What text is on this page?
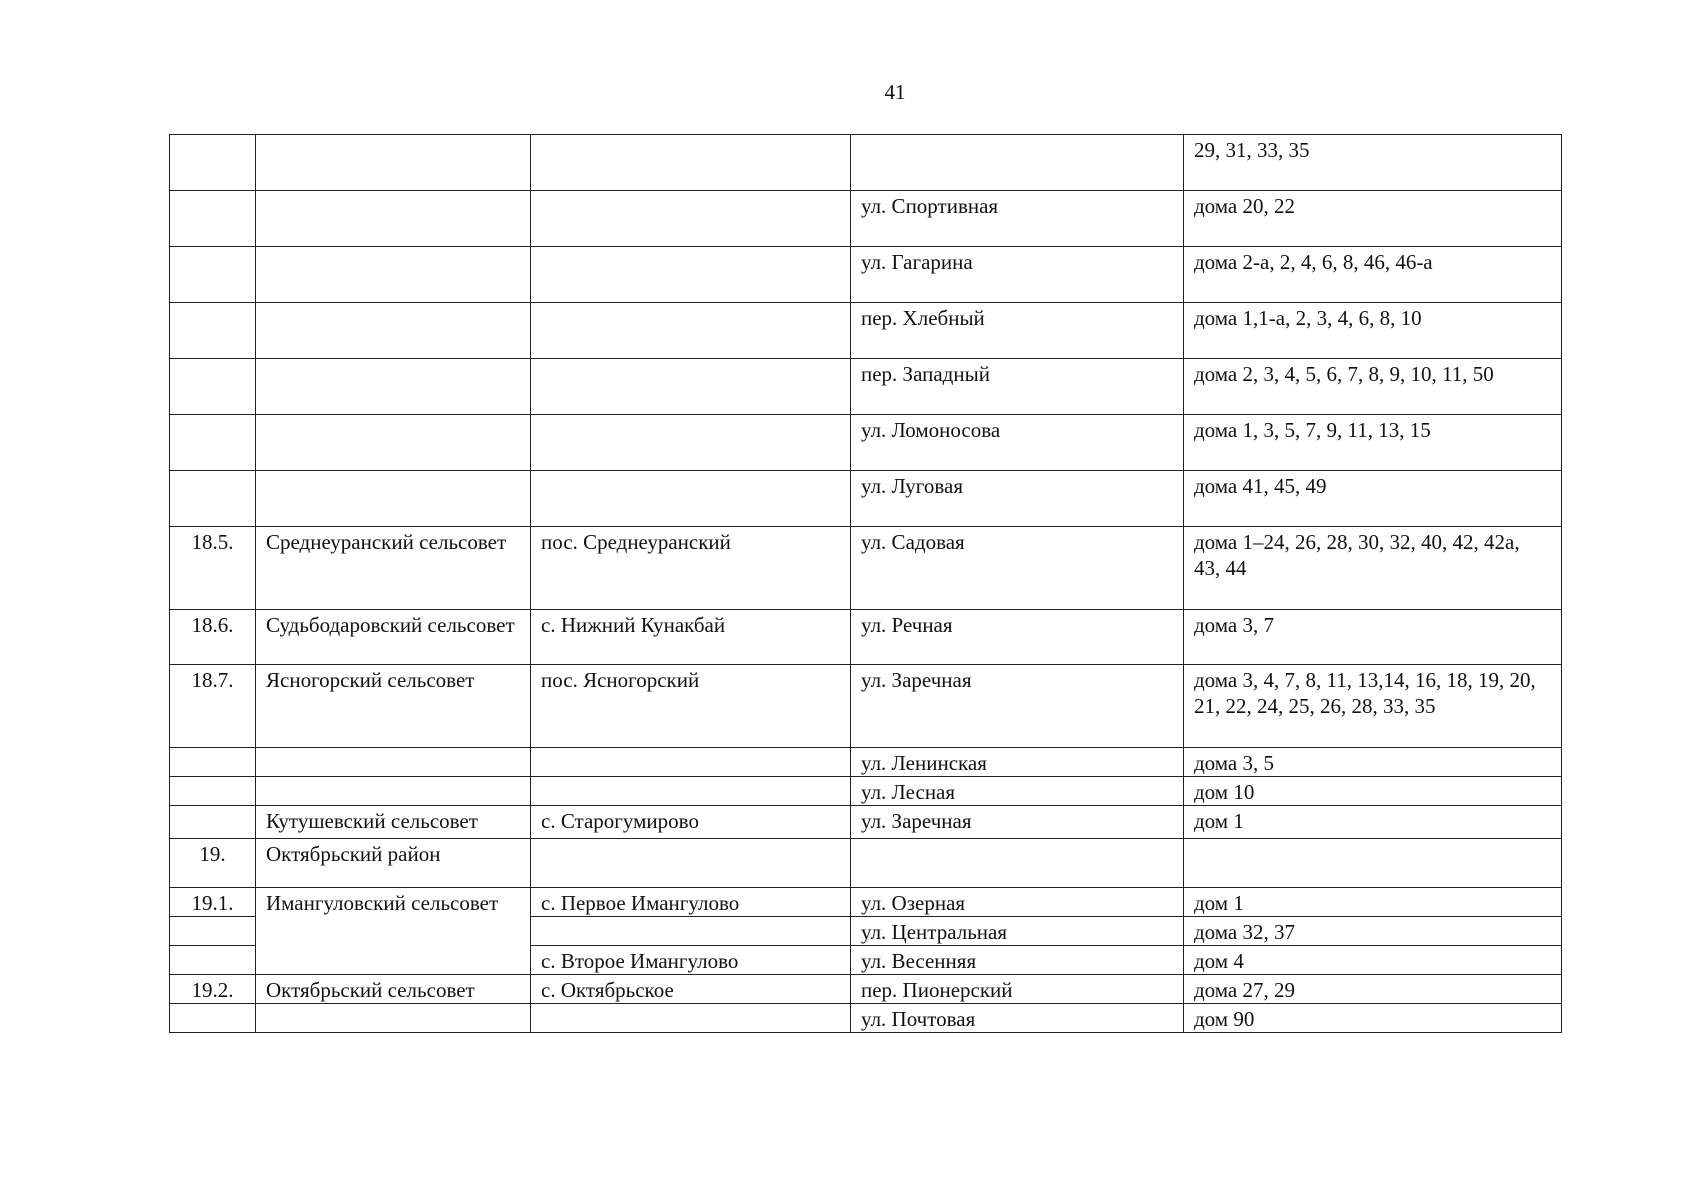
41

				29, 31, 33, 35

			ул. Спортивная	дома 20, 22

			ул. Гагарина	дома 2-а, 2, 4, 6, 8, 46, 46-а

			пер. Хлебный	дома 1,1-а, 2, 3, 4, 6, 8, 10

			пер. Западный	дома 2, 3, 4, 5, 6, 7, 8, 9, 10, 11, 50

			ул. Ломоносова	дома 1, 3, 5, 7, 9, 11, 13, 15

			ул. Луговая	дома 41, 45, 49

18.5.	Среднеуранский сельсовет	пос. Среднеуранский	ул. Садовая	дома 1–24, 26, 28, 30, 32, 40, 42, 42а, 43, 44

18.6.	Судьбодаровский сельсовет	с. Нижний Кунакбай	ул. Речная	дома 3, 7

18.7.	Ясногорский сельсовет	пос. Ясногорский	ул. Заречная	дома 3, 4, 7, 8, 11, 13,14, 16, 18, 19, 20, 21, 22, 24, 25, 26, 28, 33, 35

			ул. Ленинская	дома 3, 5

			ул. Лесная	дом 10

	Кутушевский сельсовет	с. Старогумирово	ул. Заречная	дом 1

19.	Октябрьский район			

19.1.	Имангуловский сельсовет	с. Первое Имангулово	ул. Озерная	дом 1

			ул. Центральная	дома 32, 37

		с. Второе Имангулово	ул. Весенняя	дом 4

19.2.	Октябрьский сельсовет	с. Октябрьское	пер. Пионерский	дома 27, 29

			ул. Почтовая	дом 90
